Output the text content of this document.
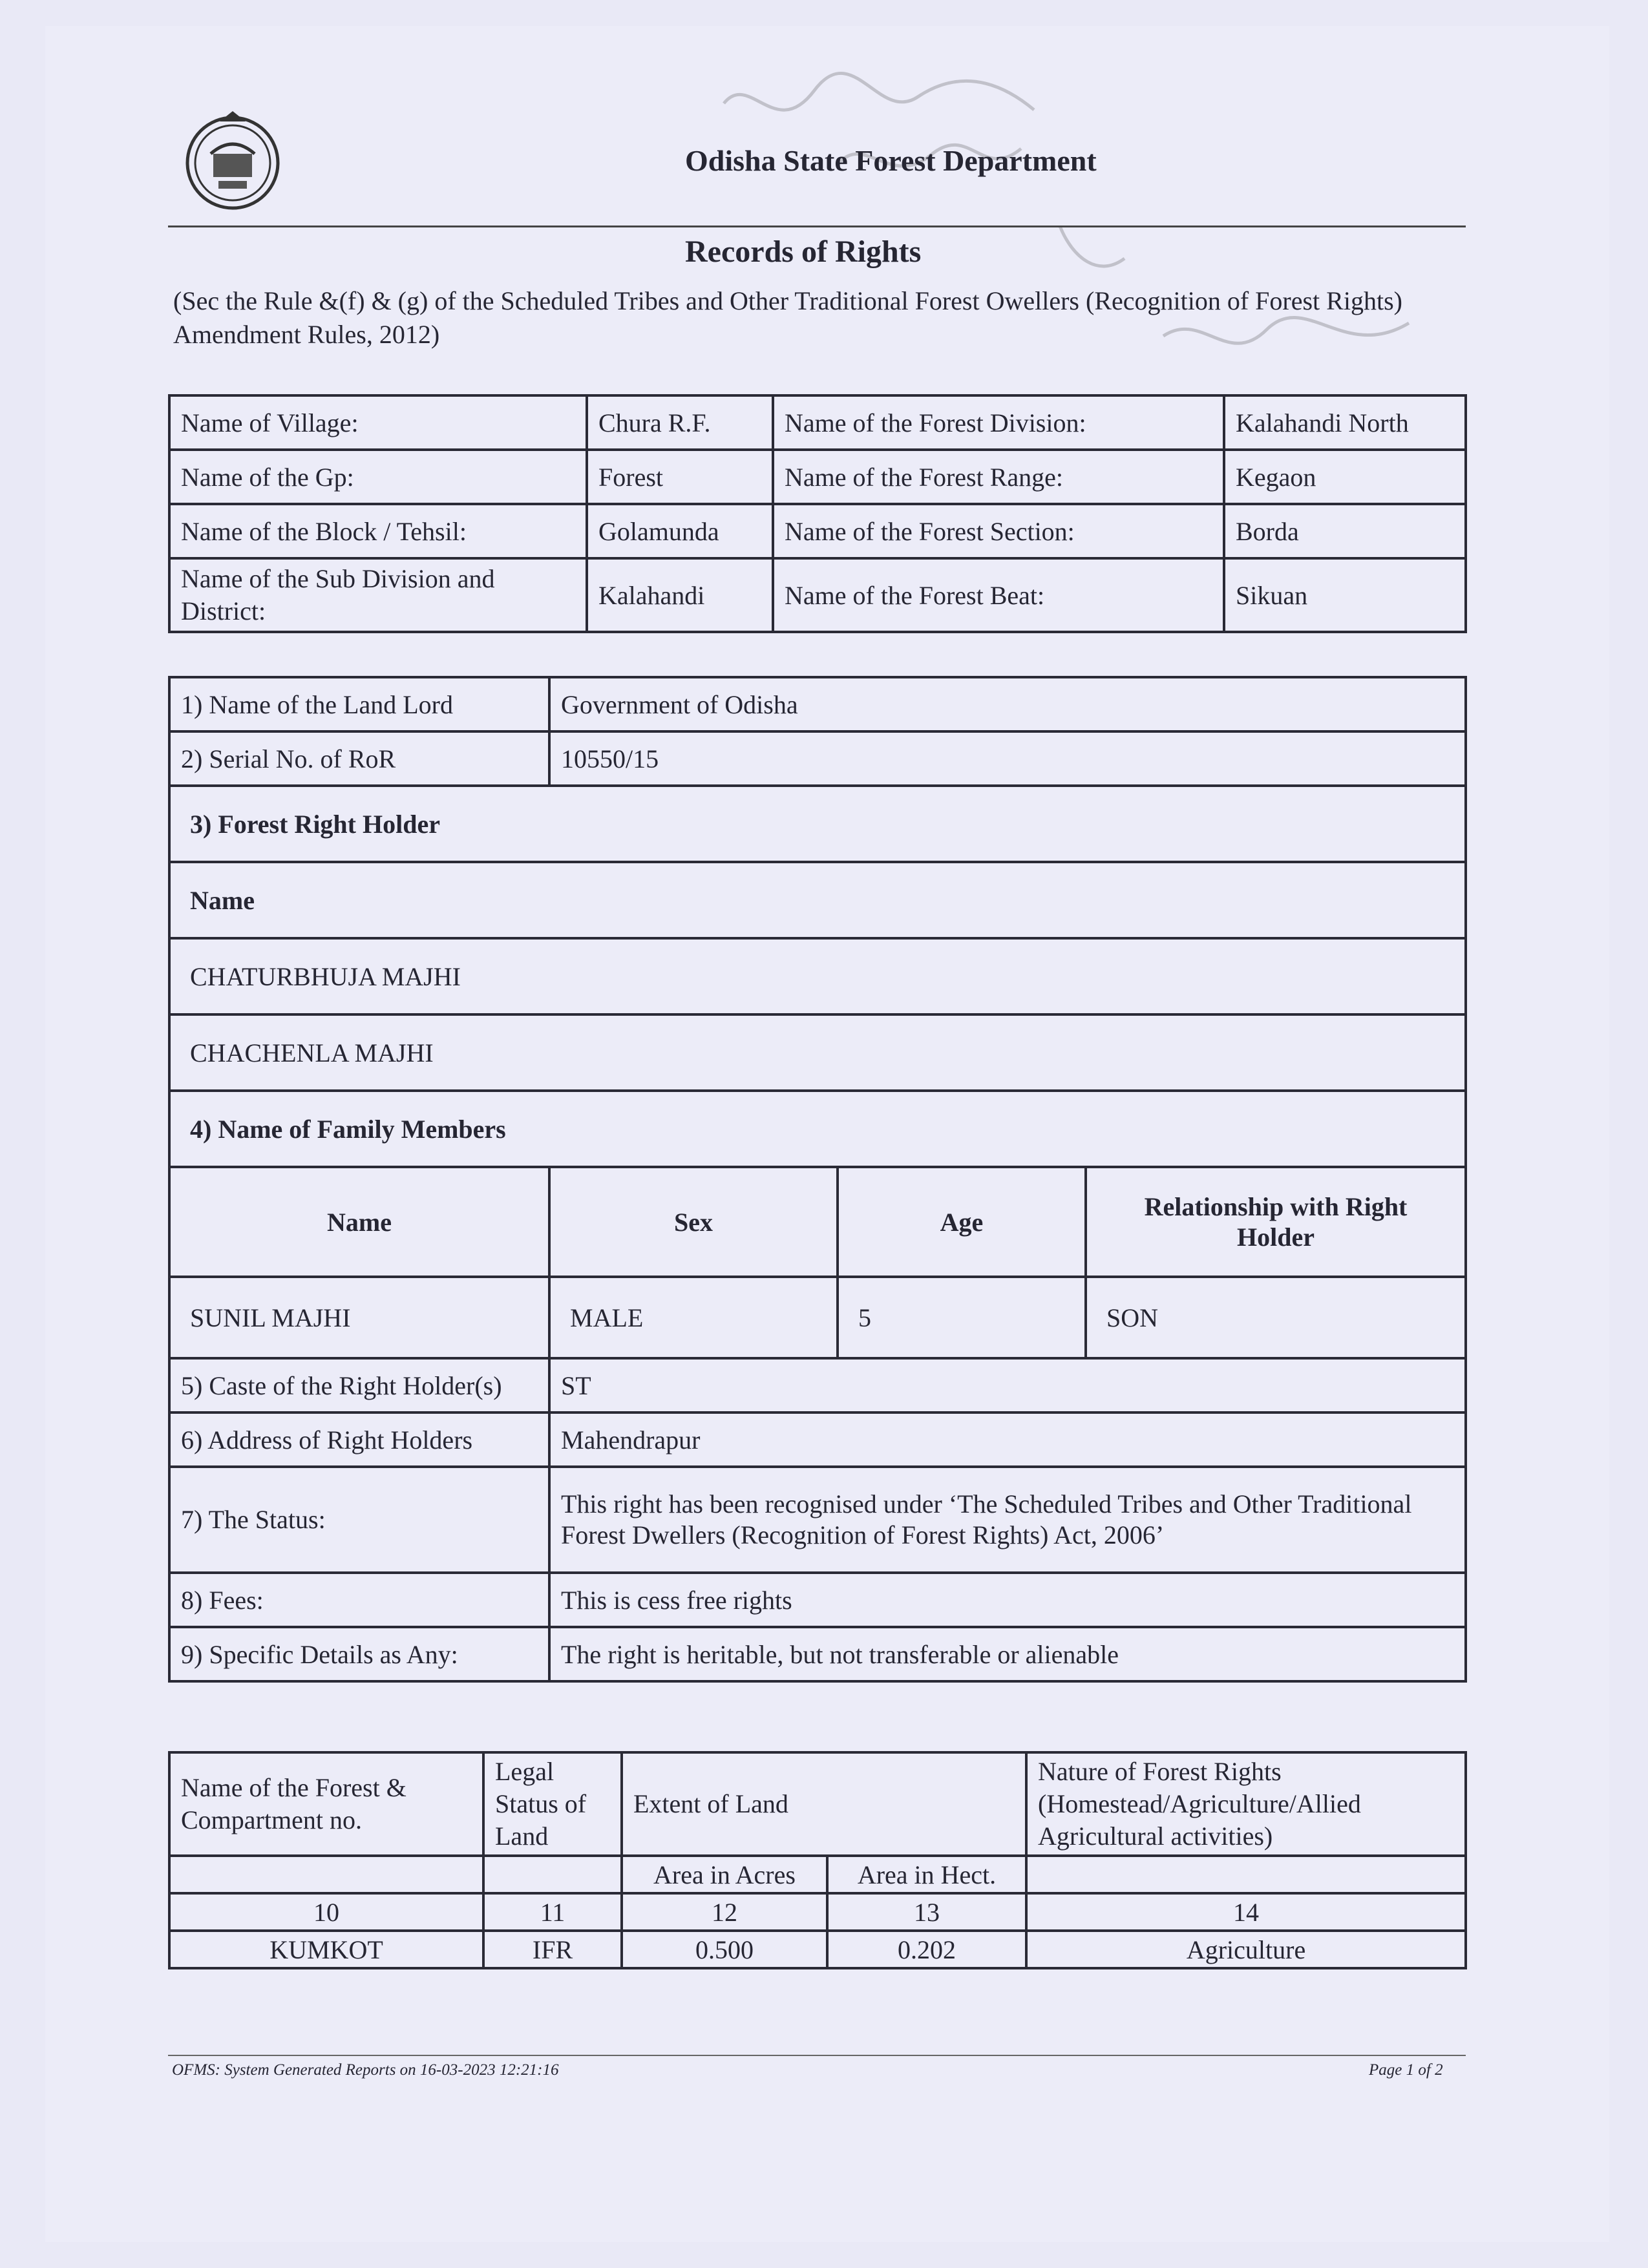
Odisha State Forest Department
Records of Rights
(Sec the Rule &(f) & (g) of the Scheduled Tribes and Other Traditional Forest Owellers (Recognition of Forest Rights) Amendment Rules, 2012)
Name of Village:	Chura R.F.	Name of the Forest Division:	Kalahandi North
Name of the Gp:	Forest	Name of the Forest Range:	Kegaon
Name of the Block / Tehsil:	Golamunda	Name of the Forest Section:	Borda
Name of the Sub Division and District:	Kalahandi	Name of the Forest Beat:	Sikuan
1) Name of the Land Lord	Government of Odisha		
2) Serial No. of RoR	10550/15		
3) Forest Right Holder			
Name			
CHATURBHUJA MAJHI			
CHACHENLA MAJHI			
4) Name of Family Members			
Name	Sex	Age	Relationship with Right Holder
SUNIL MAJHI	MALE	5	SON
5) Caste of the Right Holder(s)	ST		
6) Address of Right Holders	Mahendrapur		
7) The Status:	This right has been recognised under ‘The Scheduled Tribes and Other Traditional
Forest Dwellers (Recognition of Forest Rights) Act, 2006’		

8) Fees:	This is cess free rights		
9) Specific Details as Any:	The right is heritable, but not transferable or alienable		
Name of the Forest & Compartment no.	Legal Status of Land	Extent of Land		Nature of Forest Rights (Homestead/Agriculture/Allied Agricultural activities)
		Area in Acres	Area in Hect.	
10	11	12	13	14
KUMKOT	IFR	0.500	0.202	Agriculture
OFMS: System Generated Reports on 16-03-2023 12:21:16	Page 1 of 2
